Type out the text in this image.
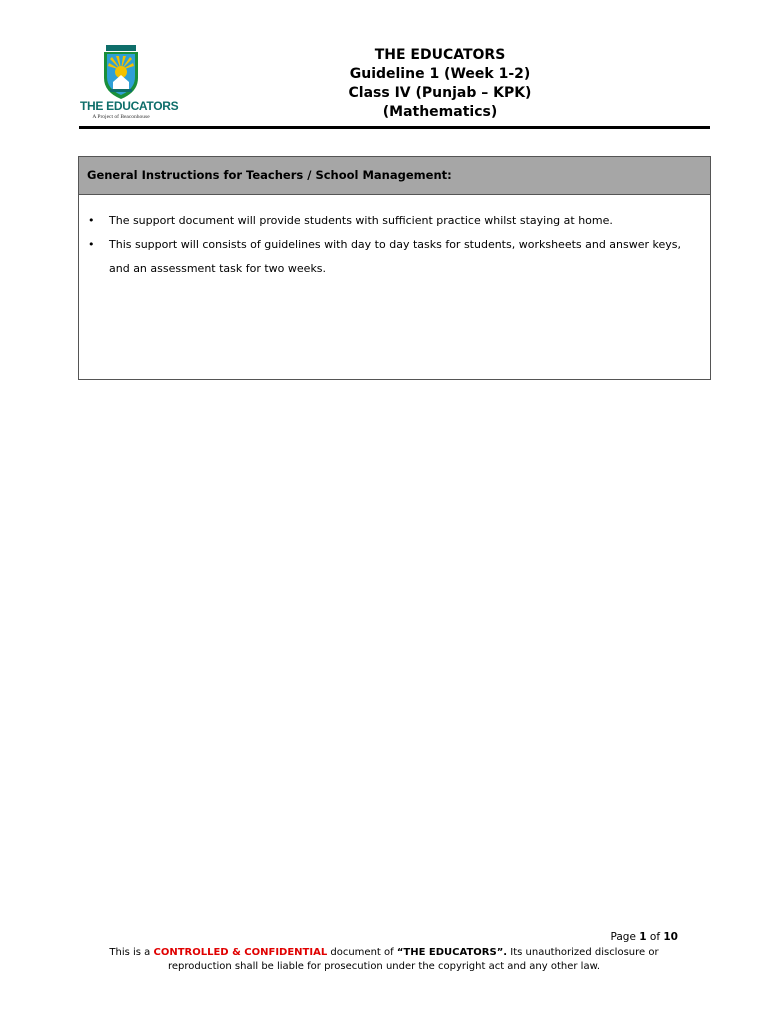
THE EDUCATORS
A Project of Beaconhouse
THE EDUCATORS
Guideline 1 (Week 1-2)
Class IV (Punjab – KPK)
(Mathematics)
General Instructions for Teachers / School Management:
• The support document will provide students with sufficient practice whilst staying at home.
• This support will consists of guidelines with day to day tasks for students, worksheets and answer keys, and an assessment task for two weeks.
Page 1 of 10
This is a CONTROLLED & CONFIDENTIAL document of “THE EDUCATORS”. Its unauthorized disclosure or
reproduction shall be liable for prosecution under the copyright act and any other law.
